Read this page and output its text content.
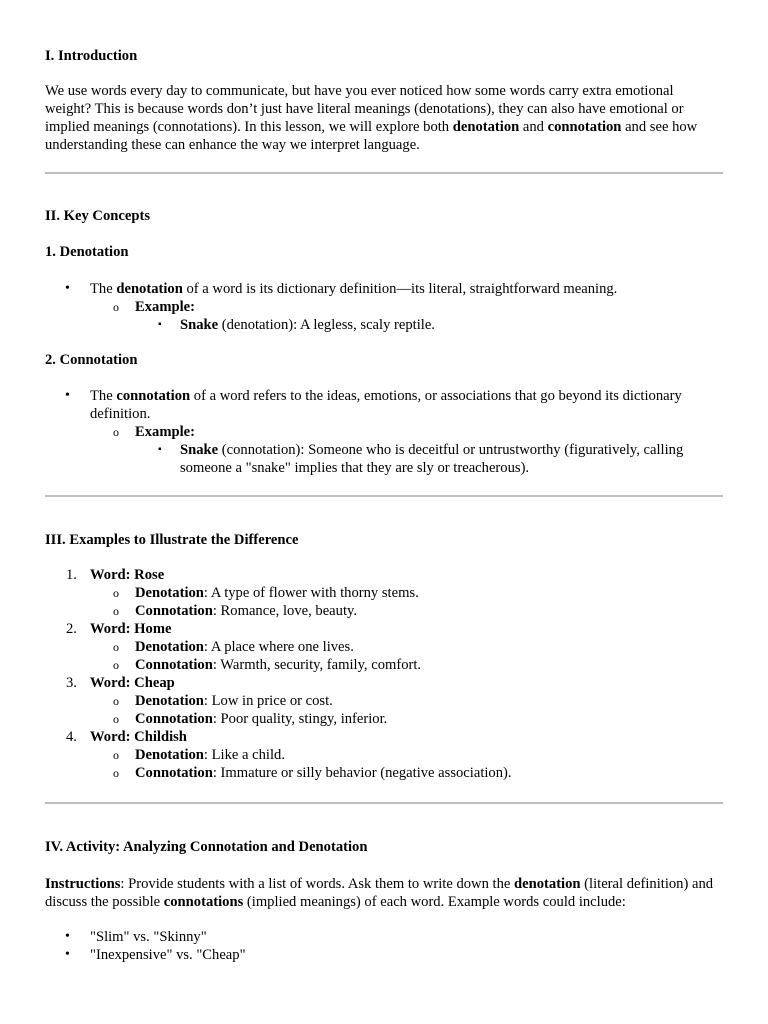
I. Introduction

We use words every day to communicate, but have you ever noticed how some words carry extra emotional weight? This is because words don’t just have literal meanings (denotations), they can also have emotional or implied meanings (connotations). In this lesson, we will explore both denotation and connotation and see how understanding these can enhance the way we interpret language.

II. Key Concepts
1. Denotation
• The denotation of a word is its dictionary definition—its literal, straightforward meaning.
o Example:
▪ Snake (denotation): A legless, scaly reptile.
2. Connotation
• The connotation of a word refers to the ideas, emotions, or associations that go beyond its dictionary definition.
o Example:
▪ Snake (connotation): Someone who is deceitful or untrustworthy (figuratively, calling someone a "snake" implies that they are sly or treacherous).
III. Examples to Illustrate the Difference
1. Word: Rose
o Denotation: A type of flower with thorny stems.
o Connotation: Romance, love, beauty.
2. Word: Home
o Denotation: A place where one lives.
o Connotation: Warmth, security, family, comfort.
3. Word: Cheap
o Denotation: Low in price or cost.
o Connotation: Poor quality, stingy, inferior.
4. Word: Childish
o Denotation: Like a child.
o Connotation: Immature or silly behavior (negative association).
IV. Activity: Analyzing Connotation and Denotation

Instructions: Provide students with a list of words. Ask them to write down the denotation (literal definition) and discuss the possible connotations (implied meanings) of each word. Example words could include:

• "Slim" vs. "Skinny"
• "Inexpensive" vs. "Cheap"
